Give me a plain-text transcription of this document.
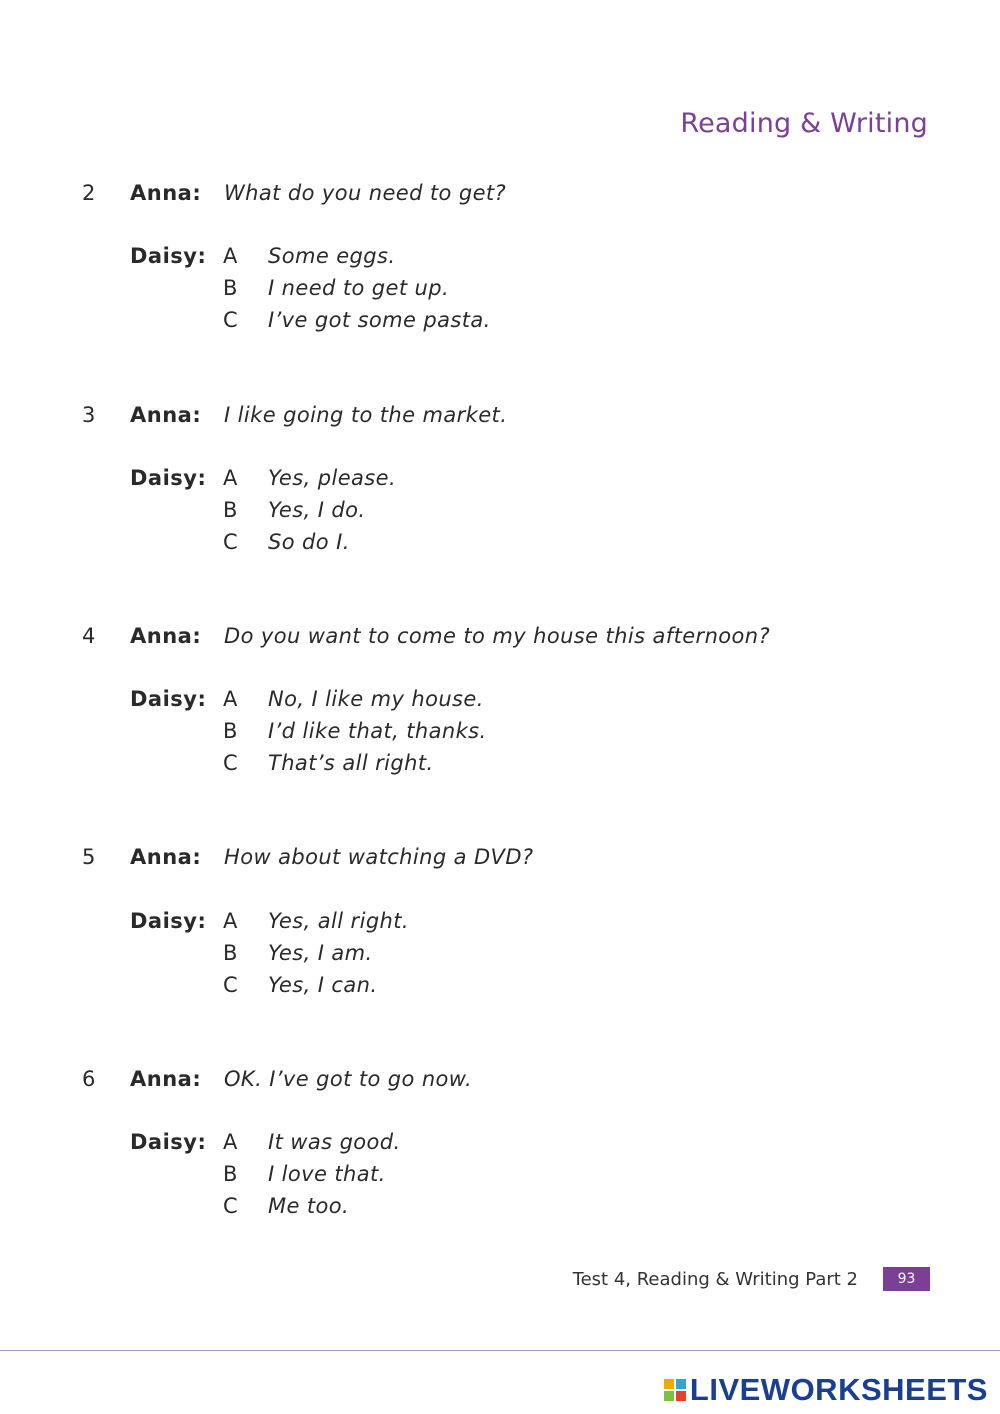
Reading & Writing
2 Anna: What do you need to get?
Daisy: A Some eggs.
B I need to get up.
C I’ve got some pasta.
3 Anna: I like going to the market.
Daisy: A Yes, please.
B Yes, I do.
C So do I.
4 Anna: Do you want to come to my house this afternoon?
Daisy: A No, I like my house.
B I’d like that, thanks.
C That’s all right.
5 Anna: How about watching a DVD?
Daisy: A Yes, all right.
B Yes, I am.
C Yes, I can.
6 Anna: OK. I’ve got to go now.
Daisy: A It was good.
B I love that.
C Me too.
Test 4, Reading & Writing Part 2	93
LIVEWORKSHEETS
